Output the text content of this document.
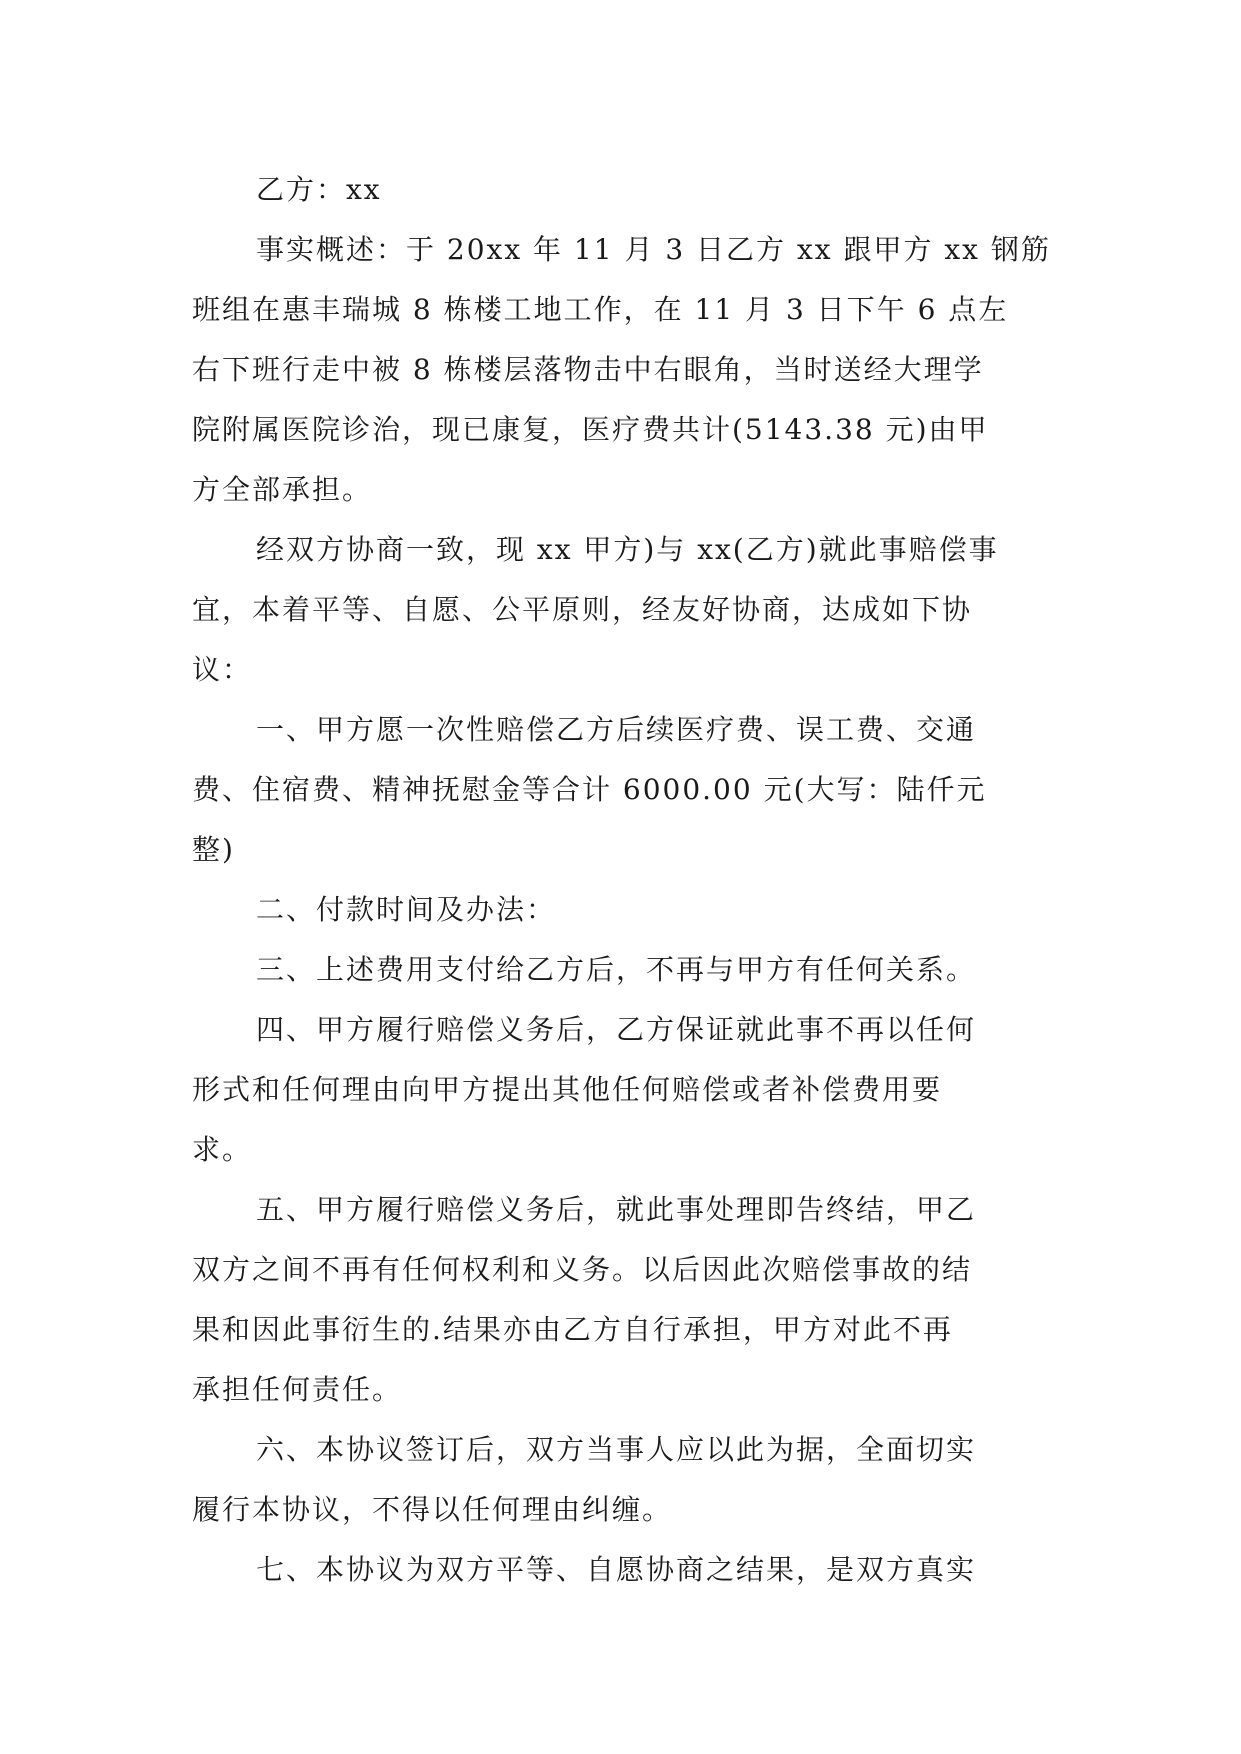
乙方：xx
事实概述：于 20xx 年 11 月 3 日乙方 xx 跟甲方 xx 钢筋
班组在惠丰瑞城 8 栋楼工地工作，在 11 月 3 日下午 6 点左
右下班行走中被 8 栋楼层落物击中右眼角，当时送经大理学
院附属医院诊治，现已康复，医疗费共计(5143.38 元)由甲
方全部承担。
经双方协商一致，现 xx 甲方)与 xx(乙方)就此事赔偿事
宜，本着平等、自愿、公平原则，经友好协商，达成如下协
议：
一、甲方愿一次性赔偿乙方后续医疗费、误工费、交通
费、住宿费、精神抚慰金等合计 6000.00 元(大写：陆仟元
整)
二、付款时间及办法：
三、上述费用支付给乙方后，不再与甲方有任何关系。
四、甲方履行赔偿义务后，乙方保证就此事不再以任何
形式和任何理由向甲方提出其他任何赔偿或者补偿费用要
求。
五、甲方履行赔偿义务后，就此事处理即告终结，甲乙
双方之间不再有任何权利和义务。以后因此次赔偿事故的结
果和因此事衍生的.结果亦由乙方自行承担，甲方对此不再
承担任何责任。
六、本协议签订后，双方当事人应以此为据，全面切实
履行本协议，不得以任何理由纠缠。
七、本协议为双方平等、自愿协商之结果，是双方真实
